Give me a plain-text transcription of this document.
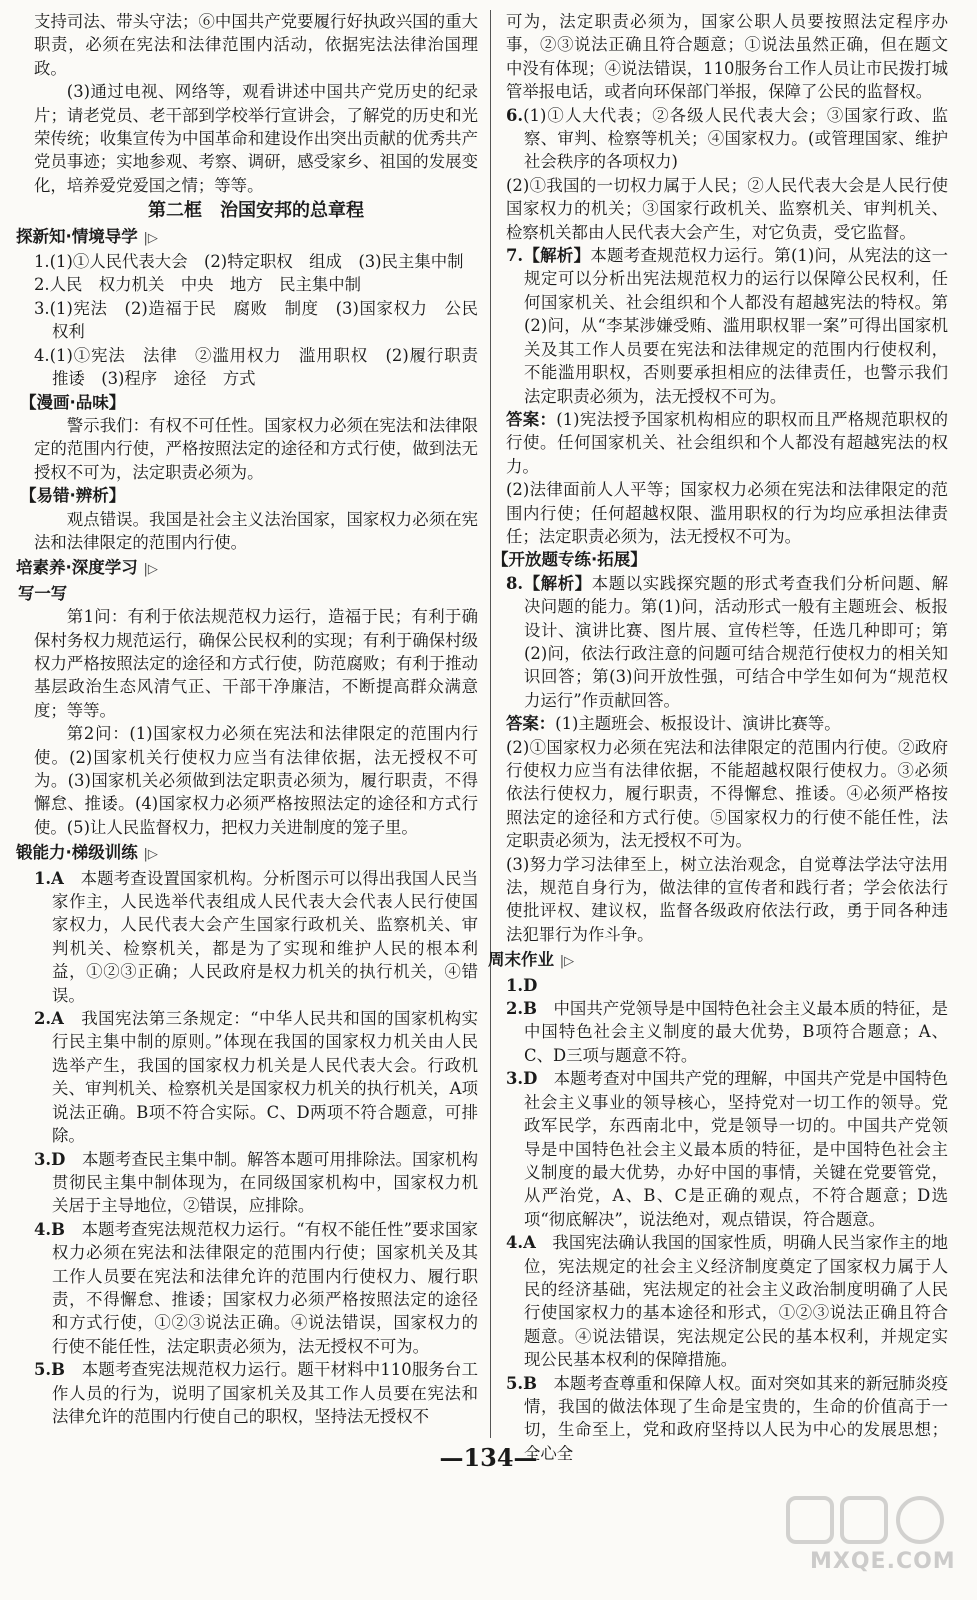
支持司法、带头守法；⑥中国共产党要履行好执政兴国的重大职责，必须在宪法和法律范围内活动，依据宪法法律治国理政。

(3)通过电视、网络等，观看讲述中国共产党历史的纪录片；请老党员、老干部到学校举行宣讲会，了解党的历史和光荣传统；收集宣传为中国革命和建设作出突出贡献的优秀共产党员事迹；实地参观、考察、调研，感受家乡、祖国的发展变化，培养爱党爱国之情；等等。

第二框　治国安邦的总章程
探新知·情境导学 |▷

1.(1)①人民代表大会　(2)特定职权　组成　(3)民主集中制

2.人民　权力机关　中央　地方　民主集中制

3.(1)宪法　(2)造福于民　腐败　制度　(3)国家权力　公民权利

4.(1)①宪法　法律　②滥用权力　滥用职权　(2)履行职责　推诿　(3)程序　途径　方式

【漫画·品味】

警示我们：有权不可任性。国家权力必须在宪法和法律限定的范围内行使，严格按照法定的途径和方式行使，做到法无授权不可为，法定职责必须为。

【易错·辨析】

观点错误。我国是社会主义法治国家，国家权力必须在宪法和法律限定的范围内行使。

培素养·深度学习 |▷
写一写

第1问：有利于依法规范权力运行，造福于民；有利于确保村务权力规范运行，确保公民权利的实现；有利于确保村级权力严格按照法定的途径和方式行使，防范腐败；有利于推动基层政治生态风清气正、干部干净廉洁，不断提高群众满意度；等等。

第2问：(1)国家权力必须在宪法和法律限定的范围内行使。(2)国家机关行使权力应当有法律依据，法无授权不可为。(3)国家机关必须做到法定职责必须为，履行职责，不得懈怠、推诿。(4)国家权力必须严格按照法定的途径和方式行使。(5)让人民监督权力，把权力关进制度的笼子里。

锻能力·梯级训练 |▷

1.A　 本题考查设置国家机构。分析图示可以得出我国人民当家作主，人民选举代表组成人民代表大会代表人民行使国家权力，人民代表大会产生国家行政机关、监察机关、审判机关、检察机关，都是为了实现和维护人民的根本利益，①②③正确；人民政府是权力机关的执行机关，④错误。

2.A　 我国宪法第三条规定：“中华人民共和国的国家机构实行民主集中制的原则。”体现在我国的国家权力机关由人民选举产生，我国的国家权力机关是人民代表大会。行政机关、审判机关、检察机关是国家权力机关的执行机关，A项说法正确。B项不符合实际。C、D两项不符合题意，可排除。

3.D　 本题考查民主集中制。解答本题可用排除法。国家机构贯彻民主集中制体现为，在同级国家机构中，国家权力机关居于主导地位，②错误，应排除。

4.B　 本题考查宪法规范权力运行。“有权不能任性”要求国家权力必须在宪法和法律限定的范围内行使；国家机关及其工作人员要在宪法和法律允许的范围内行使权力、履行职责，不得懈怠、推诿；国家权力必须严格按照法定的途径和方式行使，①②③说法正确。④说法错误，国家权力的行使不能任性，法定职责必须为，法无授权不可为。

5.B　 本题考查宪法规范权力运行。题干材料中110服务台工作人员的行为，说明了国家机关及其工作人员要在宪法和法律允许的范围内行使自己的职权，坚持法无授权不

可为，法定职责必须为，国家公职人员要按照法定程序办事，②③说法正确且符合题意；①说法虽然正确，但在题文中没有体现；④说法错误，110服务台工作人员让市民拨打城管举报电话，或者向环保部门举报，保障了公民的监督权。

6.(1)①人大代表；②各级人民代表大会；③国家行政、监察、审判、检察等机关；④国家权力。(或管理国家、维护社会秩序的各项权力)

(2)①我国的一切权力属于人民；②人民代表大会是人民行使国家权力的机关；③国家行政机关、监察机关、审判机关、检察机关都由人民代表大会产生，对它负责，受它监督。

7.【解析】本题考查规范权力运行。第(1)问，从宪法的这一规定可以分析出宪法规范权力的运行以保障公民权利，任何国家机关、社会组织和个人都没有超越宪法的特权。第(2)问，从“李某涉嫌受贿、滥用职权罪一案”可得出国家机关及其工作人员要在宪法和法律规定的范围内行使权利，不能滥用职权，否则要承担相应的法律责任，也警示我们法定职责必须为，法无授权不可为。

答案：(1)宪法授予国家机构相应的职权而且严格规范职权的行使。任何国家机关、社会组织和个人都没有超越宪法的权力。

(2)法律面前人人平等；国家权力必须在宪法和法律限定的范围内行使；任何超越权限、滥用职权的行为均应承担法律责任；法定职责必须为，法无授权不可为。

【开放题专练·拓展】

8.【解析】本题以实践探究题的形式考查我们分析问题、解决问题的能力。第(1)问，活动形式一般有主题班会、板报设计、演讲比赛、图片展、宣传栏等，任选几种即可；第(2)问，依法行政注意的问题可结合规范行使权力的相关知识回答；第(3)问开放性强，可结合中学生如何为“规范权力运行”作贡献回答。

答案：(1)主题班会、板报设计、演讲比赛等。

(2)①国家权力必须在宪法和法律限定的范围内行使。②政府行使权力应当有法律依据，不能超越权限行使权力。③必须依法行使权力，履行职责，不得懈怠、推诿。④必须严格按照法定的途径和方式行使。⑤国家权力的行使不能任性，法定职责必须为，法无授权不可为。

(3)努力学习法律至上，树立法治观念，自觉尊法学法守法用法，规范自身行为，做法律的宣传者和践行者；学会依法行使批评权、建议权，监督各级政府依法行政，勇于同各种违法犯罪行为作斗争。

周末作业 |▷

1.D

2.B　 中国共产党领导是中国特色社会主义最本质的特征，是中国特色社会主义制度的最大优势，B项符合题意；A、C、D三项与题意不符。

3.D　 本题考查对中国共产党的理解，中国共产党是中国特色社会主义事业的领导核心，坚持党对一切工作的领导。党政军民学，东西南北中，党是领导一切的。中国共产党领导是中国特色社会主义最本质的特征，是中国特色社会主义制度的最大优势，办好中国的事情，关键在党要管党，从严治党，A、B、C是正确的观点，不符合题意；D选项“彻底解决”，说法绝对，观点错误，符合题意。

4.A　 我国宪法确认我国的国家性质，明确人民当家作主的地位，宪法规定的社会主义经济制度奠定了国家权力属于人民的经济基础，宪法规定的社会主义政治制度明确了人民行使国家权力的基本途径和形式，①②③说法正确且符合题意。④说法错误，宪法规定公民的基本权利，并规定实现公民基本权利的保障措施。

5.B　 本题考查尊重和保障人权。面对突如其来的新冠肺炎疫情，我国的做法体现了生命是宝贵的，生命的价值高于一切，生命至上，党和政府坚持以人民为中心的发展思想；全心全

—134—
MXQE.COM
